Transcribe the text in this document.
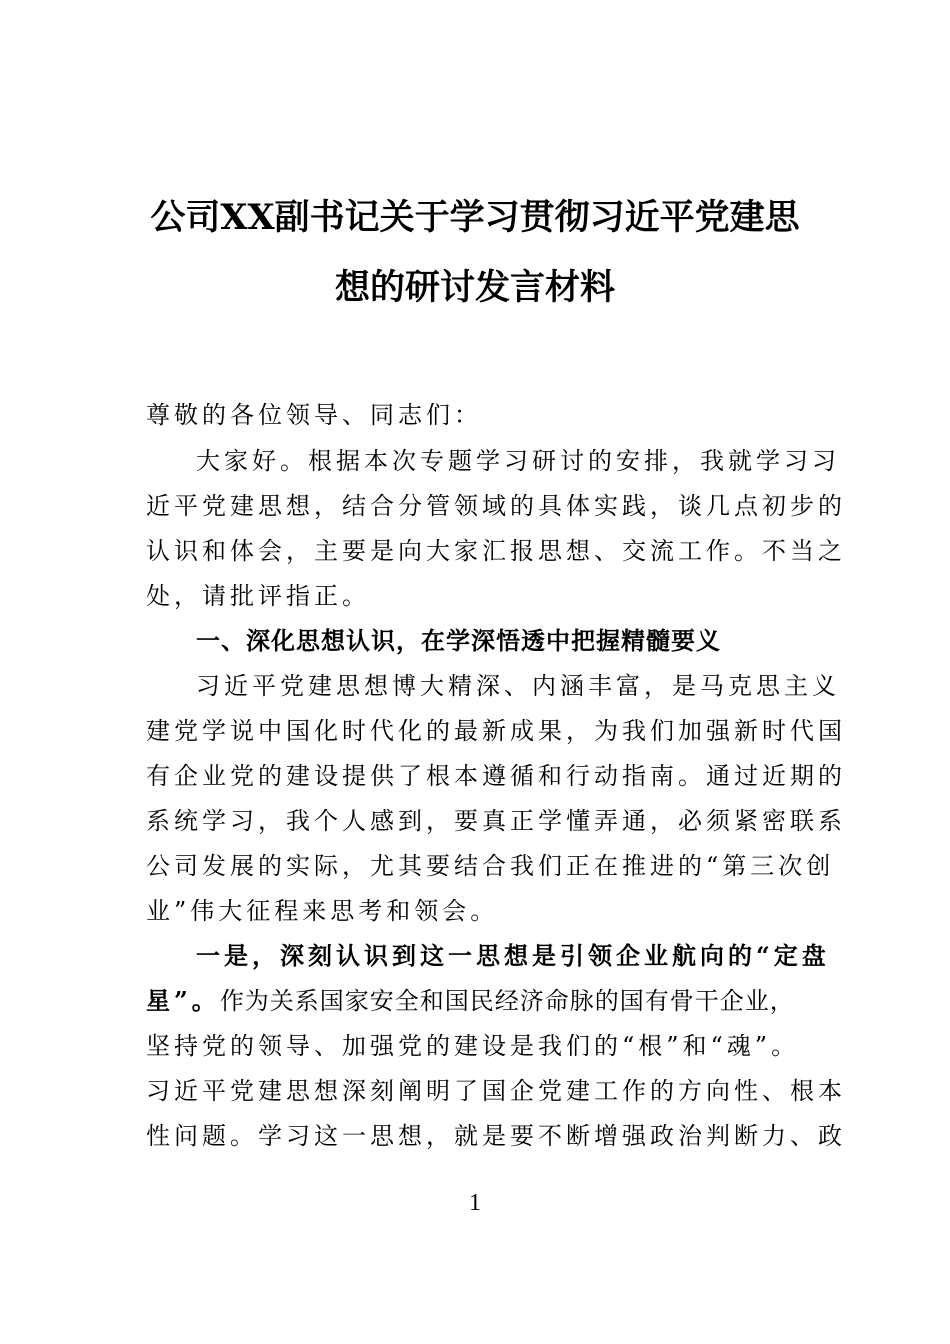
公司XX副书记关于学习贯彻习近平党建思
想的研讨发言材料
尊敬的各位领导、同志们：
大家好。根据本次专题学习研讨的安排，我就学习习
近平党建思想，结合分管领域的具体实践，谈几点初步的
认识和体会，主要是向大家汇报思想、交流工作。不当之
处，请批评指正。
一、深化思想认识，在学深悟透中把握精髓要义
习近平党建思想博大精深、内涵丰富，是马克思主义
建党学说中国化时代化的最新成果，为我们加强新时代国
有企业党的建设提供了根本遵循和行动指南。通过近期的
系统学习，我个人感到，要真正学懂弄通，必须紧密联系
公司发展的实际，尤其要结合我们正在推进的“第三次创
业”伟大征程来思考和领会。
一是，深刻认识到这一思想是引领企业航向的“定盘
星”。作为关系国家安全和国民经济命脉的国有骨干企业，
坚持党的领导、加强党的建设是我们的“根”和“魂”。
习近平党建思想深刻阐明了国企党建工作的方向性、根本
性问题。学习这一思想，就是要不断增强政治判断力、政
1
